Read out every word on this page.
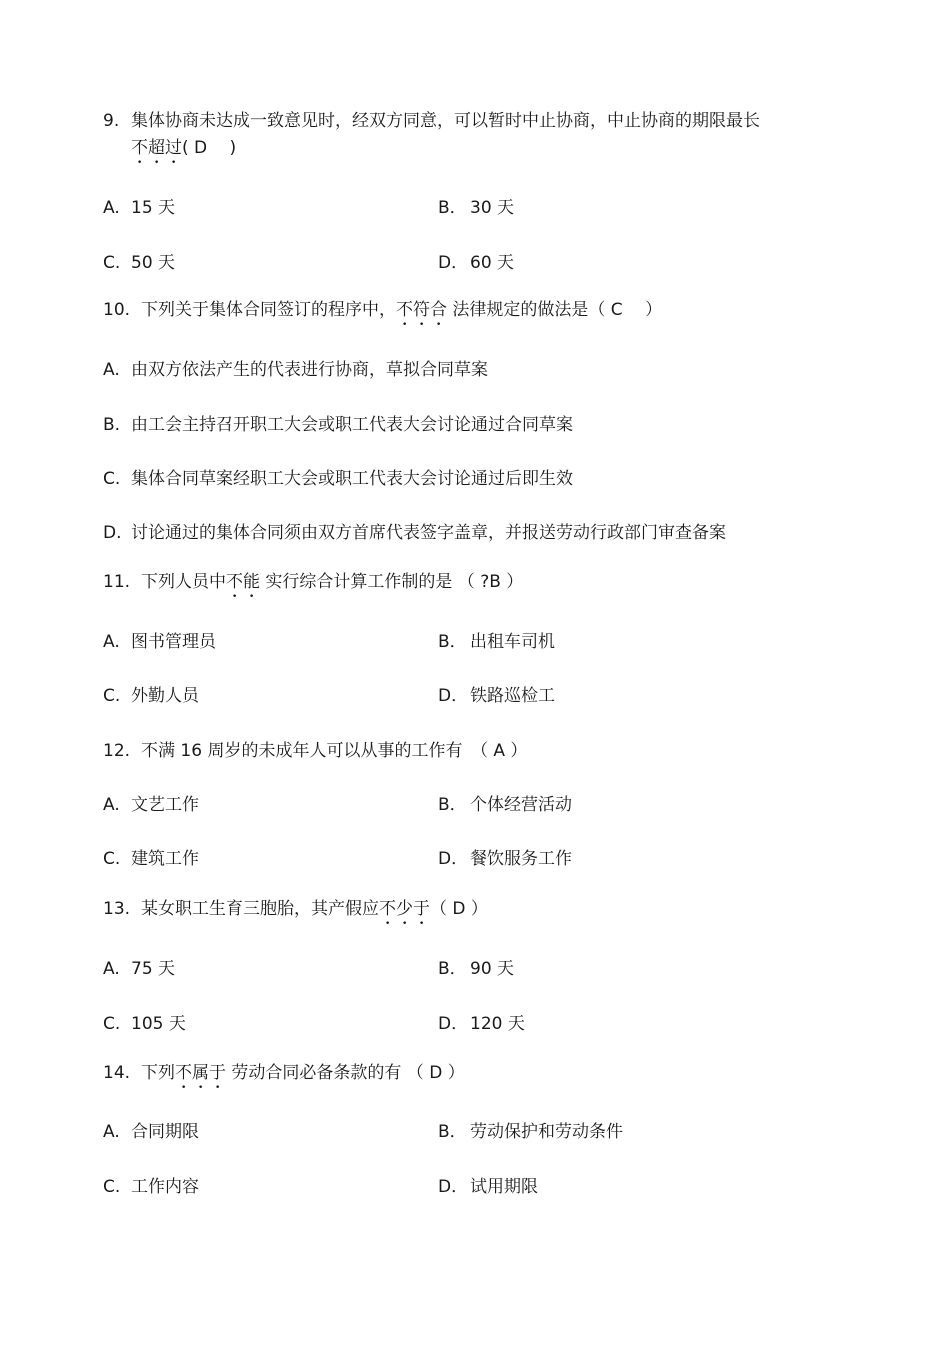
9. 集体协商未达成一致意见时，经双方同意，可以暂时中止协商，中止协商的期限最长
不超过( D　 )
A. 15 天	B． 30 天
C. 50 天	D． 60 天
10. 下列关于集体合同签订的程序中，不符合 法律规定的做法是（ C　 ）
A. 由双方依法产生的代表进行协商，草拟合同草案
B. 由工会主持召开职工大会或职工代表大会讨论通过合同草案
C. 集体合同草案经职工大会或职工代表大会讨论通过后即生效
D. 讨论通过的集体合同须由双方首席代表签字盖章，并报送劳动行政部门审查备案
11. 下列人员中不能 实行综合计算工作制的是 （ ?B ）
A. 图书管理员	B． 出租车司机
C. 外勤人员	D． 铁路巡检工
12. 不满 16 周岁的未成年人可以从事的工作有　（ A ）
A. 文艺工作	B． 个体经营活动
C. 建筑工作	D． 餐饮服务工作
13. 某女职工生育三胞胎，其产假应不少于（ D ）
A. 75 天	B． 90 天
C. 105 天	D． 120 天
14. 下列不属于 劳动合同必备条款的有 （ D ）
A. 合同期限	B． 劳动保护和劳动条件
C. 工作内容	D． 试用期限
